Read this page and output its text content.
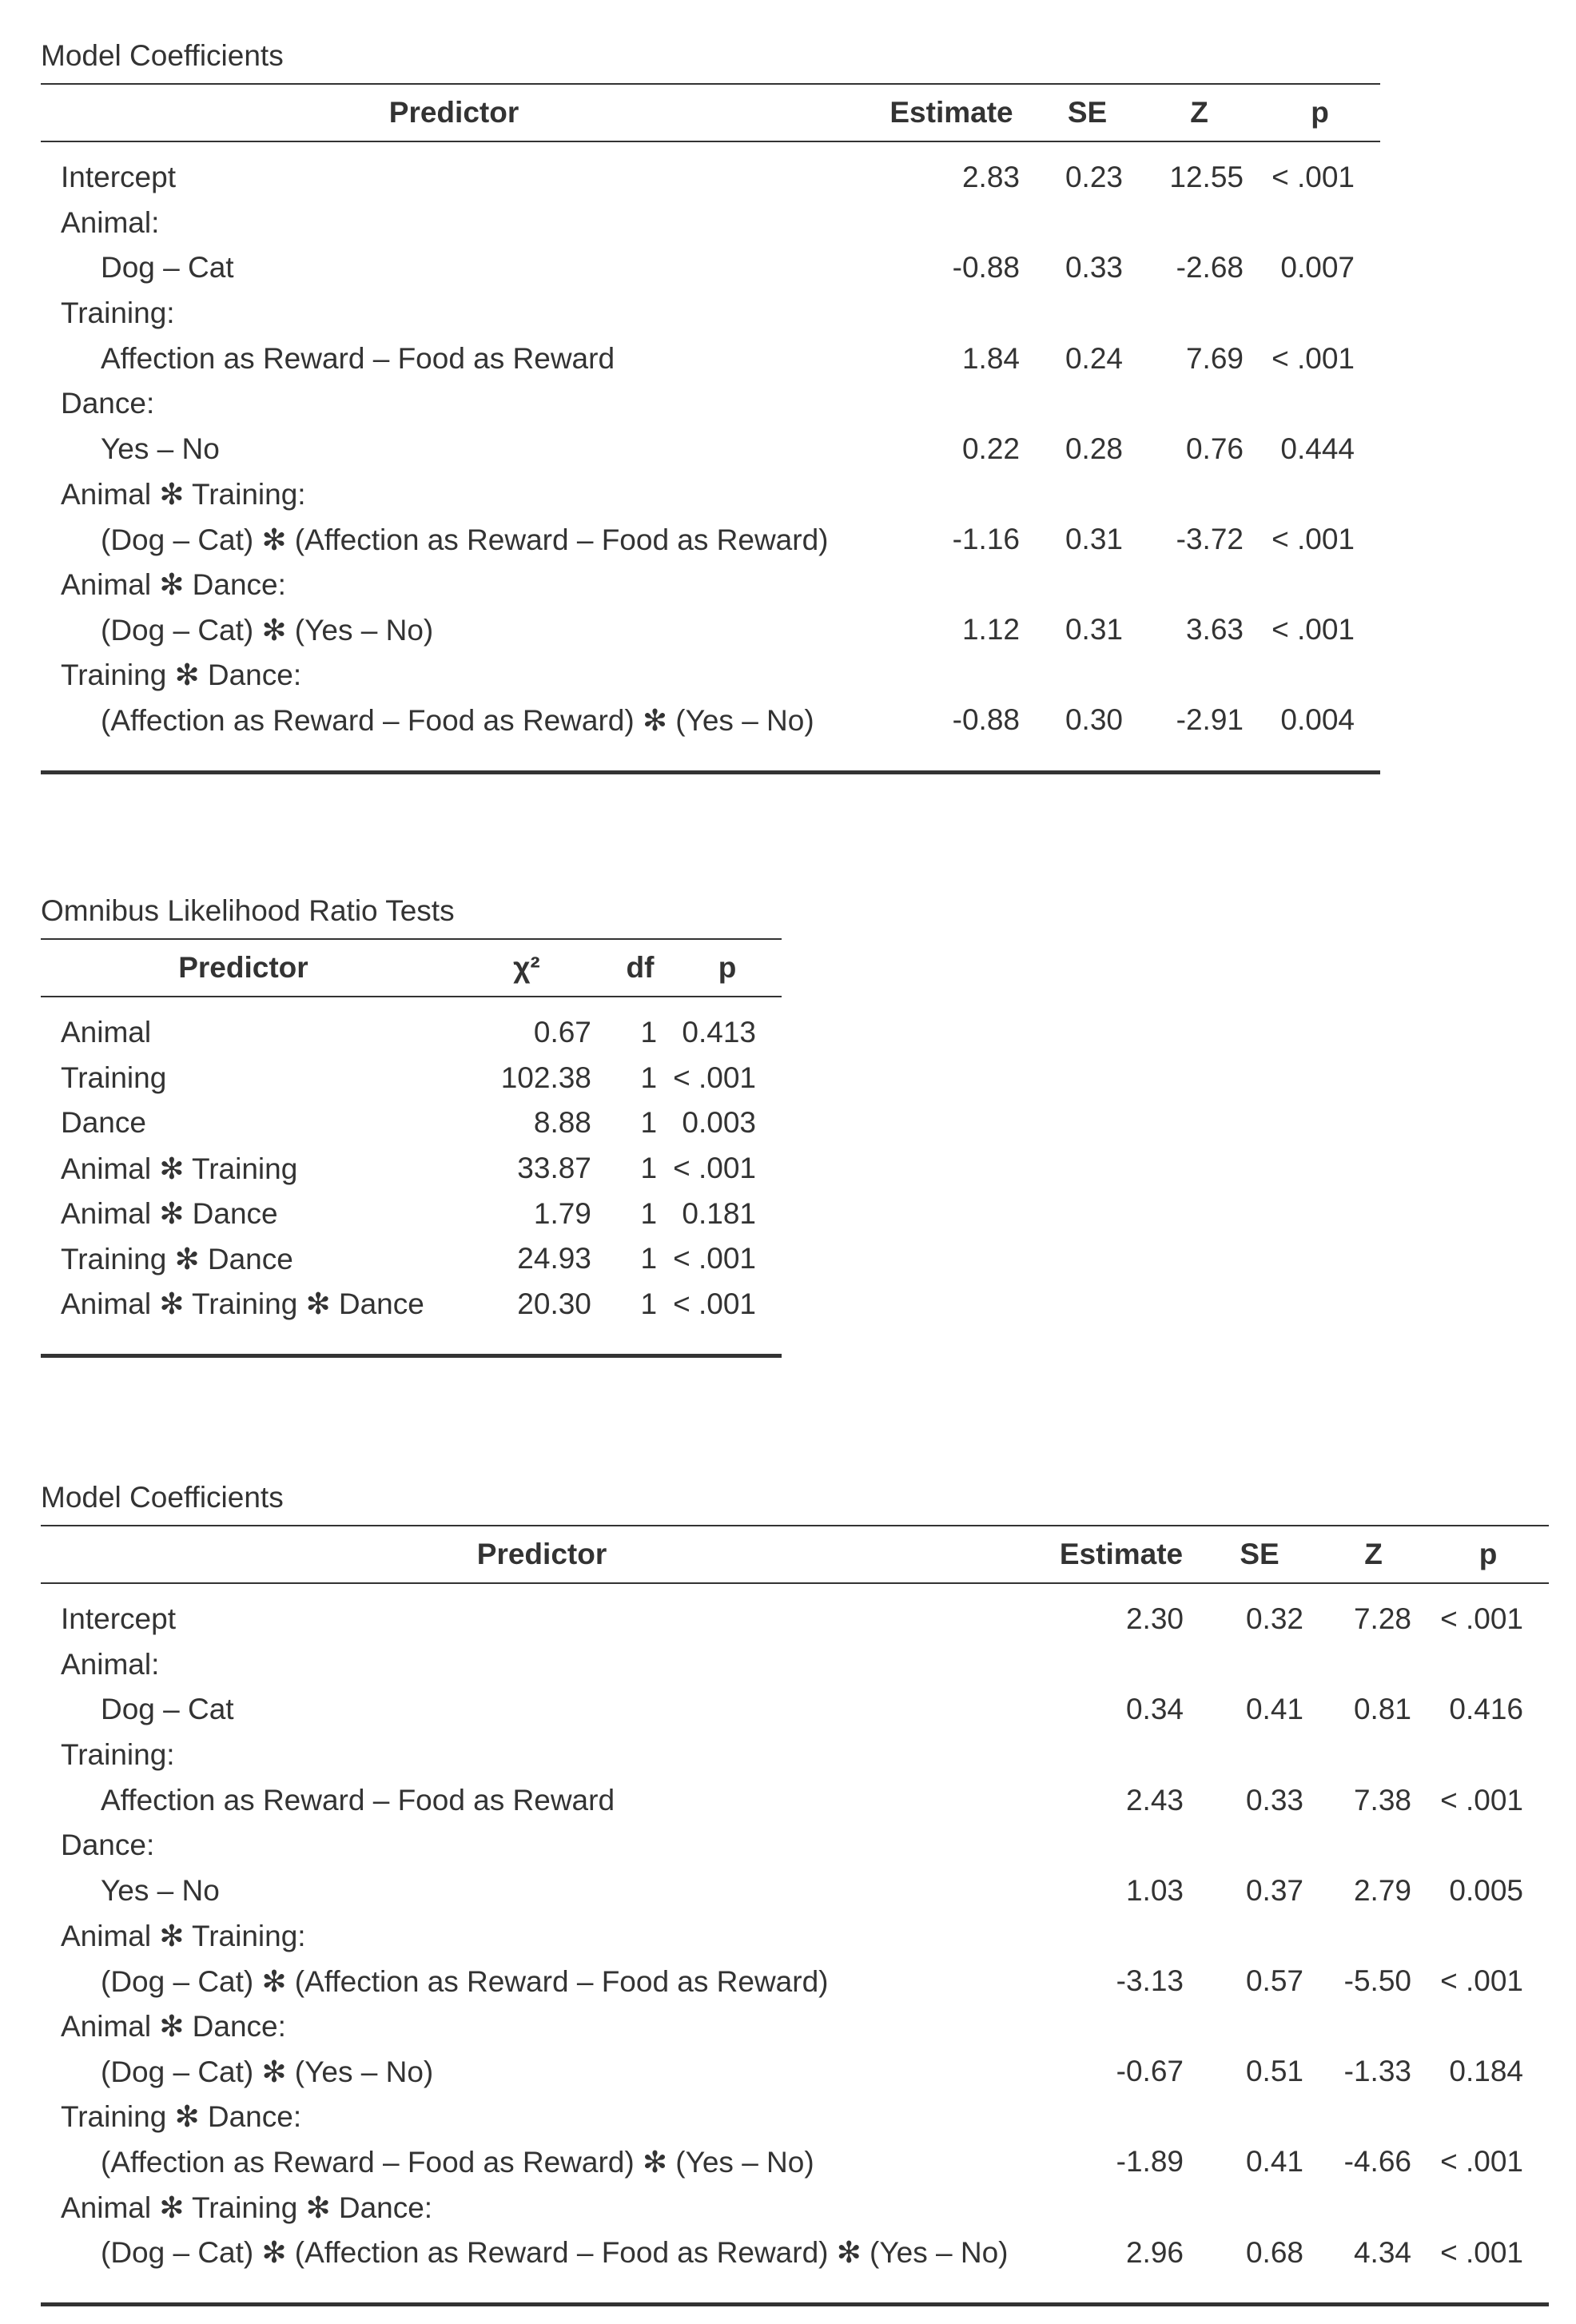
Model Coefficients
Predictor	Estimate	SE	Z	p

Intercept	2.83	0.23	12.55	< .001
Animal:				
Dog – Cat	-0.88	0.33	-2.68	0.007
Training:				
Affection as Reward – Food as Reward	1.84	0.24	7.69	< .001
Dance:				
Yes – No	0.22	0.28	0.76	0.444
Animal ✻ Training:				
(Dog – Cat) ✻ (Affection as Reward – Food as Reward)	-1.16	0.31	-3.72	< .001
Animal ✻ Dance:				
(Dog – Cat) ✻ (Yes – No)	1.12	0.31	3.63	< .001
Training ✻ Dance:				
(Affection as Reward – Food as Reward) ✻ (Yes – No)	-0.88	0.30	-2.91	0.004

Omnibus Likelihood Ratio Tests
Predictor	χ²	df	p

Animal	0.67	1	0.413
Training	102.38	1	< .001
Dance	8.88	1	0.003
Animal ✻ Training	33.87	1	< .001
Animal ✻ Dance	1.79	1	0.181
Training ✻ Dance	24.93	1	< .001
Animal ✻ Training ✻ Dance	20.30	1	< .001

Model Coefficients
Predictor	Estimate	SE	Z	p

Intercept	2.30	0.32	7.28	< .001
Animal:				
Dog – Cat	0.34	0.41	0.81	0.416
Training:				
Affection as Reward – Food as Reward	2.43	0.33	7.38	< .001
Dance:				
Yes – No	1.03	0.37	2.79	0.005
Animal ✻ Training:				
(Dog – Cat) ✻ (Affection as Reward – Food as Reward)	-3.13	0.57	-5.50	< .001
Animal ✻ Dance:				
(Dog – Cat) ✻ (Yes – No)	-0.67	0.51	-1.33	0.184
Training ✻ Dance:				
(Affection as Reward – Food as Reward) ✻ (Yes – No)	-1.89	0.41	-4.66	< .001
Animal ✻ Training ✻ Dance:				
(Dog – Cat) ✻ (Affection as Reward – Food as Reward) ✻ (Yes – No)	2.96	0.68	4.34	< .001
